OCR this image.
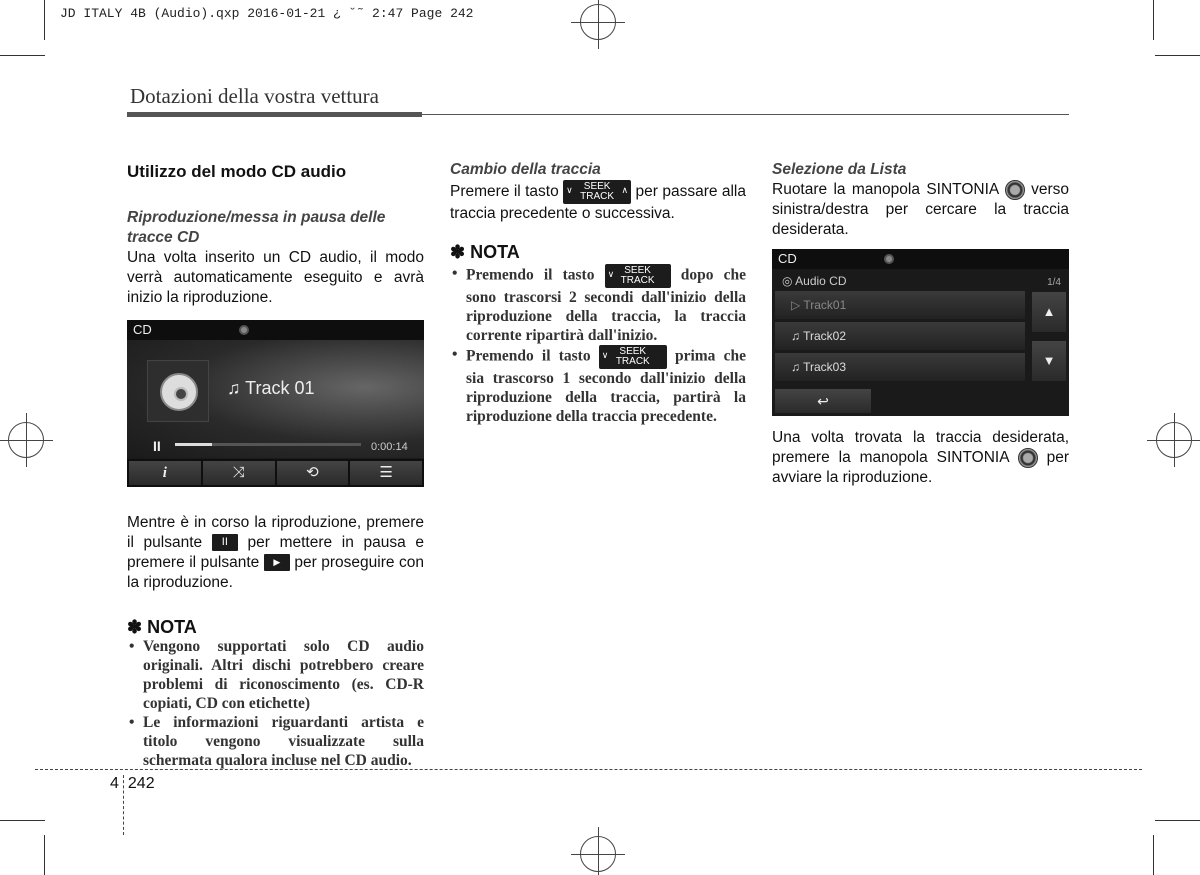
JD ITALY 4B (Audio).qxp 2016-01-21 ¿ ˘˜ 2:47 Page 242
Dotazioni della vostra vettura
Utilizzo del modo CD audio
Riproduzione/messa in pausa delle tracce CD

Una volta inserito un CD audio, il modo verrà automaticamente eseguito e avrà inizio la riproduzione.

CD
♫ Track 01
II	0:00:14
i	⤨	⟲	☰

Mentre è in corso la riproduzione, premere il pulsante II per mettere in pausa e premere il pulsante ▶ per proseguire con la riproduzione.

✽ NOTA
• Vengono supportati solo CD audio originali. Altri dischi potrebbero creare problemi di riconoscimento (es. CD-R copiati, CD con etichette)
• Le informazioni riguardanti artista e titolo vengono visualizzate sulla schermata qualora incluse nel CD audio.
Cambio della traccia

Premere il tasto ∨	SEEK
TRACK
∧ per passare alla traccia precedente o successiva.

✽ NOTA
• Premendo il tasto ∨	SEEK
TRACK	dopo che sono trascorsi 2 secondi dall'inizio della riproduzione della traccia, la traccia corrente ripartirà dall'inizio.
• Premendo il tasto ∨	SEEK
TRACK	prima che sia trascorso 1 secondo dall'inizio della riproduzione della traccia, partirà la riproduzione della traccia precedente.
Selezione da Lista

Ruotare la manopola SINTONIA verso sinistra/destra per cercare la traccia desiderata.

CD
◎ Audio CD	1/4
▷ Track01
♫ Track02
♫ Track03
▲
▼
↩

Una volta trovata la traccia desiderata, premere la manopola SINTONIA per avviare la riproduzione.

4 242
